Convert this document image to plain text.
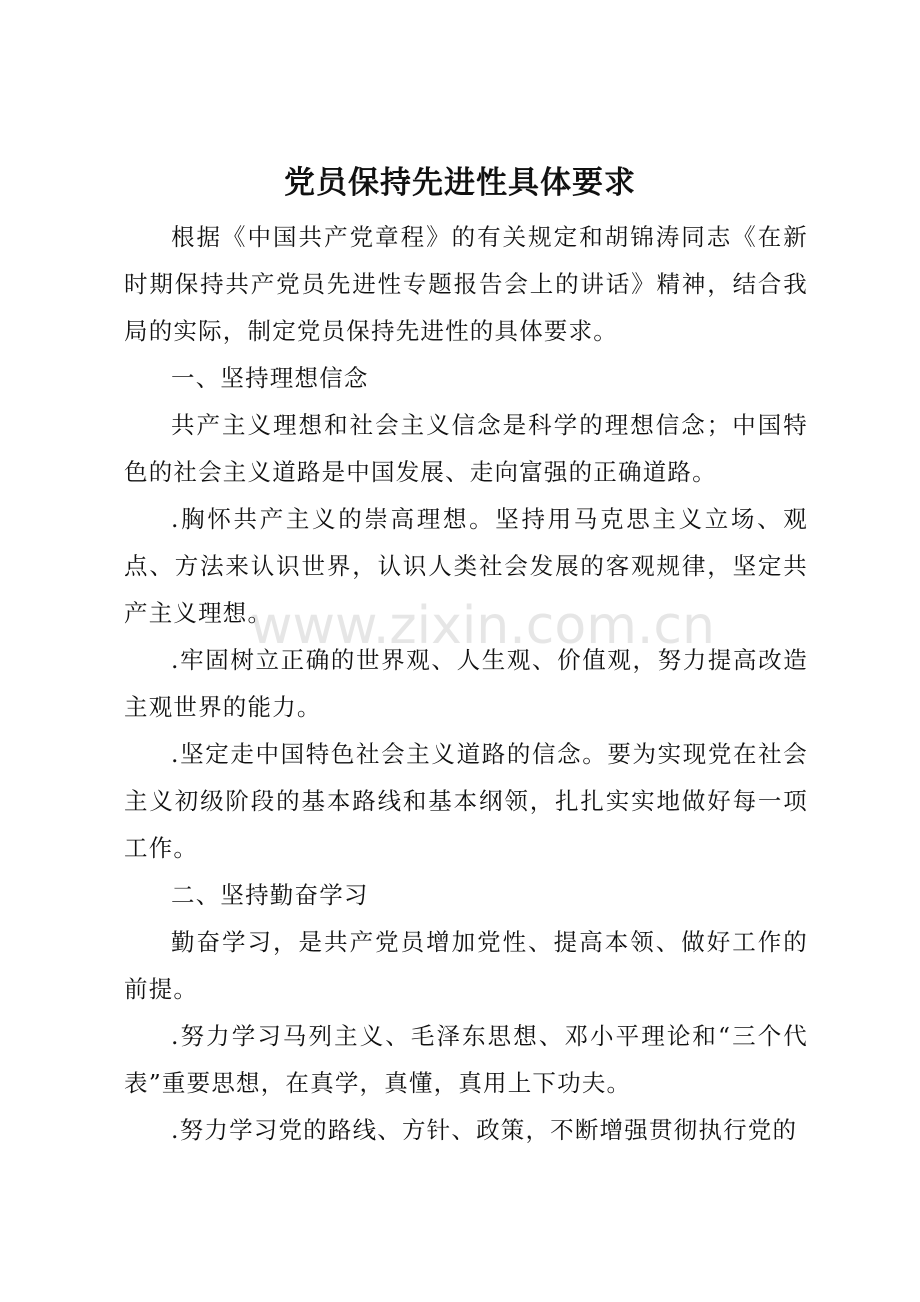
www.zixin.com.cn
党员保持先进性具体要求

根据《中国共产党章程》的有关规定和胡锦涛同志《在新时期保持共产党员先进性专题报告会上的讲话》精神，结合我局的实际，制定党员保持先进性的具体要求。

一、坚持理想信念

共产主义理想和社会主义信念是科学的理想信念；中国特色的社会主义道路是中国发展、走向富强的正确道路。

.胸怀共产主义的崇高理想。坚持用马克思主义立场、观点、方法来认识世界，认识人类社会发展的客观规律，坚定共产主义理想。

.牢固树立正确的世界观、人生观、价值观，努力提高改造主观世界的能力。

.坚定走中国特色社会主义道路的信念。要为实现党在社会主义初级阶段的基本路线和基本纲领，扎扎实实地做好每一项工作。

二、坚持勤奋学习

勤奋学习，是共产党员增加党性、提高本领、做好工作的前提。

.努力学习马列主义、毛泽东思想、邓小平理论和“三个代表”重要思想，在真学，真懂，真用上下功夫。

.努力学习党的路线、方针、政策，不断增强贯彻执行党的
